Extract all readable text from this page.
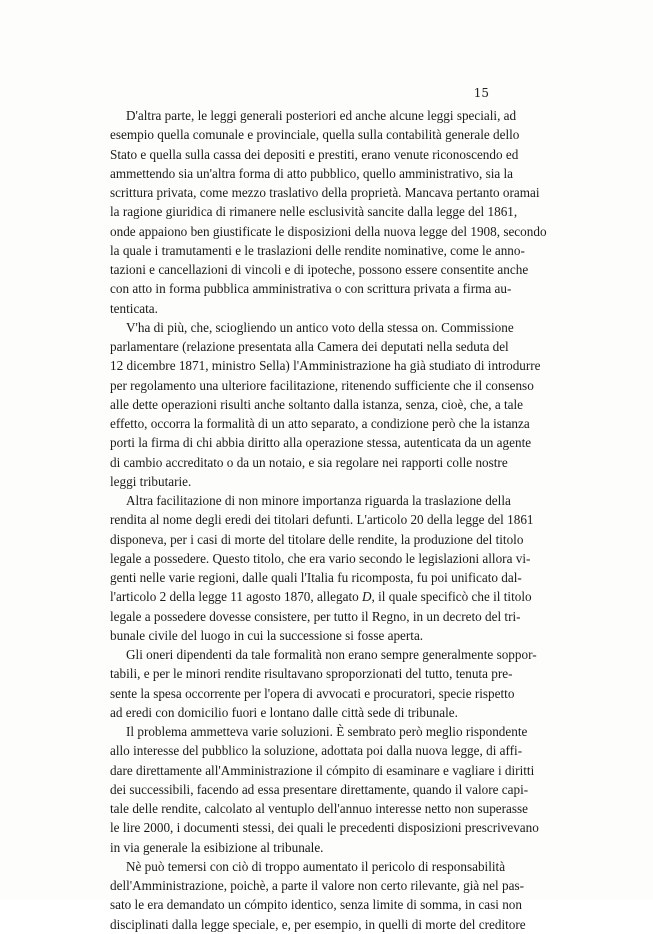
15
D'altra parte, le leggi generali posteriori ed anche alcune leggi speciali, ad
esempio quella comunale e provinciale, quella sulla contabilità generale dello
Stato e quella sulla cassa dei depositi e prestiti, erano venute riconoscendo ed
ammettendo sia un'altra forma di atto pubblico, quello amministrativo, sia la
scrittura privata, come mezzo traslativo della proprietà. Mancava pertanto oramai
la ragione giuridica di rimanere nelle esclusività sancite dalla legge del 1861,
onde appaiono ben giustificate le disposizioni della nuova legge del 1908, secondo
la quale i tramutamenti e le traslazioni delle rendite nominative, come le anno-
tazioni e cancellazioni di vincoli e di ipoteche, possono essere consentite anche
con atto in forma pubblica amministrativa o con scrittura privata a firma au-
tenticata.
V'ha di più, che, sciogliendo un antico voto della stessa on. Commissione
parlamentare (relazione presentata alla Camera dei deputati nella seduta del
12 dicembre 1871, ministro Sella) l'Amministrazione ha già studiato di introdurre
per regolamento una ulteriore facilitazione, ritenendo sufficiente che il consenso
alle dette operazioni risulti anche soltanto dalla istanza, senza, cioè, che, a tale
effetto, occorra la formalità di un atto separato, a condizione però che la istanza
porti la firma di chi abbia diritto alla operazione stessa, autenticata da un agente
di cambio accreditato o da un notaio, e sia regolare nei rapporti colle nostre
leggi tributarie.
Altra facilitazione di non minore importanza riguarda la traslazione della
rendita al nome degli eredi dei titolari defunti. L'articolo 20 della legge del 1861
disponeva, per i casi di morte del titolare delle rendite, la produzione del titolo
legale a possedere. Questo titolo, che era vario secondo le legislazioni allora vi-
genti nelle varie regioni, dalle quali l'Italia fu ricomposta, fu poi unificato dal-
l'articolo 2 della legge 11 agosto 1870, allegato D, il quale specificò che il titolo
legale a possedere dovesse consistere, per tutto il Regno, in un decreto del tri-
bunale civile del luogo in cui la successione si fosse aperta.
Gli oneri dipendenti da tale formalità non erano sempre generalmente soppor-
tabili, e per le minori rendite risultavano sproporzionati del tutto, tenuta pre-
sente la spesa occorrente per l'opera di avvocati e procuratori, specie rispetto
ad eredi con domicilio fuori e lontano dalle città sede di tribunale.
Il problema ammetteva varie soluzioni. È sembrato però meglio rispondente
allo interesse del pubblico la soluzione, adottata poi dalla nuova legge, di affi-
dare direttamente all'Amministrazione il cómpito di esaminare e vagliare i diritti
dei successibili, facendo ad essa presentare direttamente, quando il valore capi-
tale delle rendite, calcolato al ventuplo dell'annuo interesse netto non superasse
le lire 2000, i documenti stessi, dei quali le precedenti disposizioni prescrivevano
in via generale la esibizione al tribunale.
Nè può temersi con ciò di troppo aumentato il pericolo di responsabilità
dell'Amministrazione, poichè, a parte il valore non certo rilevante, già nel pas-
sato le era demandato un cómpito identico, senza limite di somma, in casi non
disciplinati dalla legge speciale, e, per esempio, in quelli di morte del creditore
